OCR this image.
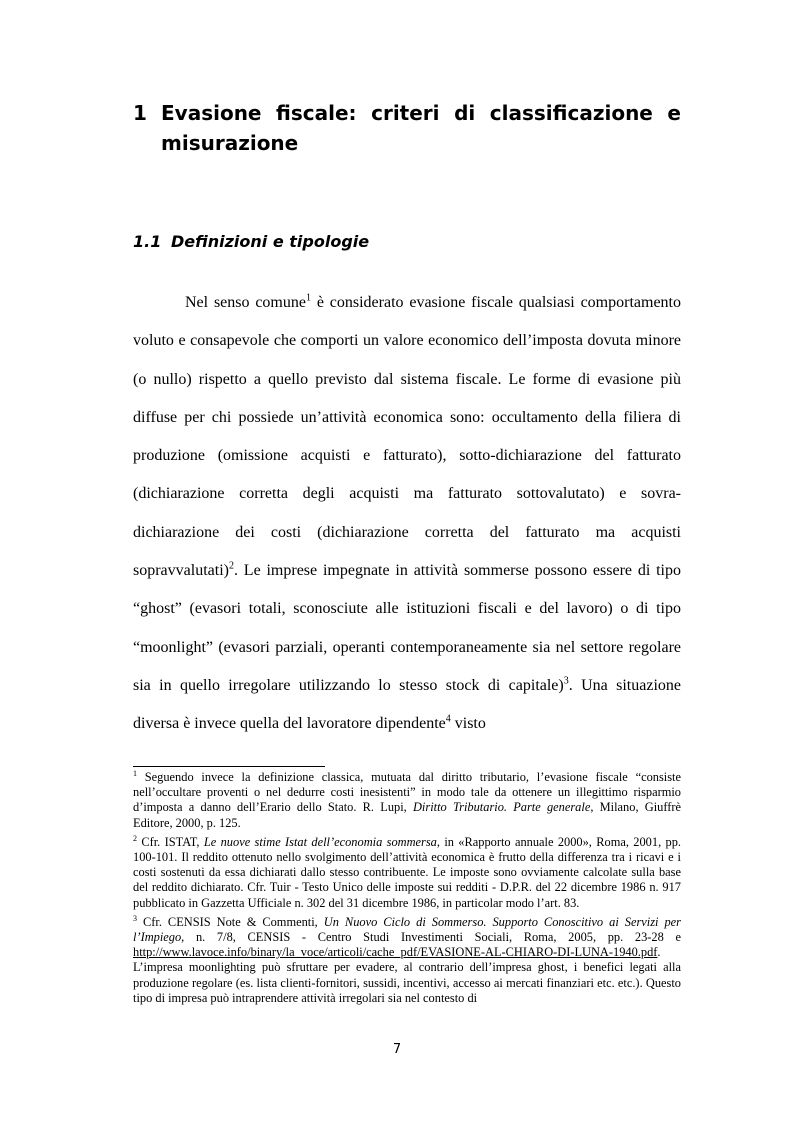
1 Evasione fiscale: criteri di classificazione e
misurazione
1.1 Definizioni e tipologie

Nel senso comune$^1$ è considerato evasione fiscale qualsiasi comportamento voluto e consapevole che comporti un valore economico dell’imposta dovuta minore (o nullo) rispetto a quello previsto dal sistema fiscale. Le forme di evasione più diffuse per chi possiede un’attività economica sono: occultamento della filiera di produzione (omissione acquisti e fatturato), sotto-dichiarazione del fatturato (dichiarazione corretta degli acquisti ma fatturato sottovalutato) e sovra-dichiarazione dei costi (dichiarazione corretta del fatturato ma acquisti sopravvalutati)$^2$. Le imprese impegnate in attività sommerse possono essere di tipo “ghost” (evasori totali, sconosciute alle istituzioni fiscali e del lavoro) o di tipo “moonlight” (evasori parziali, operanti contemporaneamente sia nel settore regolare sia in quello irregolare utilizzando lo stesso stock di capitale)$^3$. Una situazione diversa è invece quella del lavoratore dipendente$^4$ visto

$^1$ Seguendo invece la definizione classica, mutuata dal diritto tributario, l’evasione fiscale “consiste nell’occultare proventi o nel dedurre costi inesistenti” in modo tale da ottenere un illegittimo risparmio d’imposta a danno dell’Erario dello Stato. R. Lupi, Diritto Tributario. Parte generale, Milano, Giuffrè Editore, 2000, p. 125.

$^2$ Cfr. ISTAT, Le nuove stime Istat dell’economia sommersa, in «Rapporto annuale 2000», Roma, 2001, pp. 100-101. Il reddito ottenuto nello svolgimento dell’attività economica è frutto della differenza tra i ricavi e i costi sostenuti da essa dichiarati dallo stesso contribuente. Le imposte sono ovviamente calcolate sulla base del reddito dichiarato. Cfr. Tuir - Testo Unico delle imposte sui redditi - D.P.R. del 22 dicembre 1986 n. 917 pubblicato in Gazzetta Ufficiale n. 302 del 31 dicembre 1986, in particolar modo l’art. 83.

$^3$ Cfr. CENSIS Note & Commenti, Un Nuovo Ciclo di Sommerso. Supporto Conoscitivo ai Servizi per l’Impiego, n. 7/8, CENSIS - Centro Studi Investimenti Sociali, Roma, 2005, pp. 23-28 e http://www.lavoce.info/binary/la_voce/articoli/cache_pdf/EVASIONE-AL-CHIARO-DI-LUNA-1940.pdf. L’impresa moonlighting può sfruttare per evadere, al contrario dell’impresa ghost, i benefici legati alla produzione regolare (es. lista clienti-fornitori, sussidi, incentivi, accesso ai mercati finanziari etc. etc.). Questo tipo di impresa può intraprendere attività irregolari sia nel contesto di

7
